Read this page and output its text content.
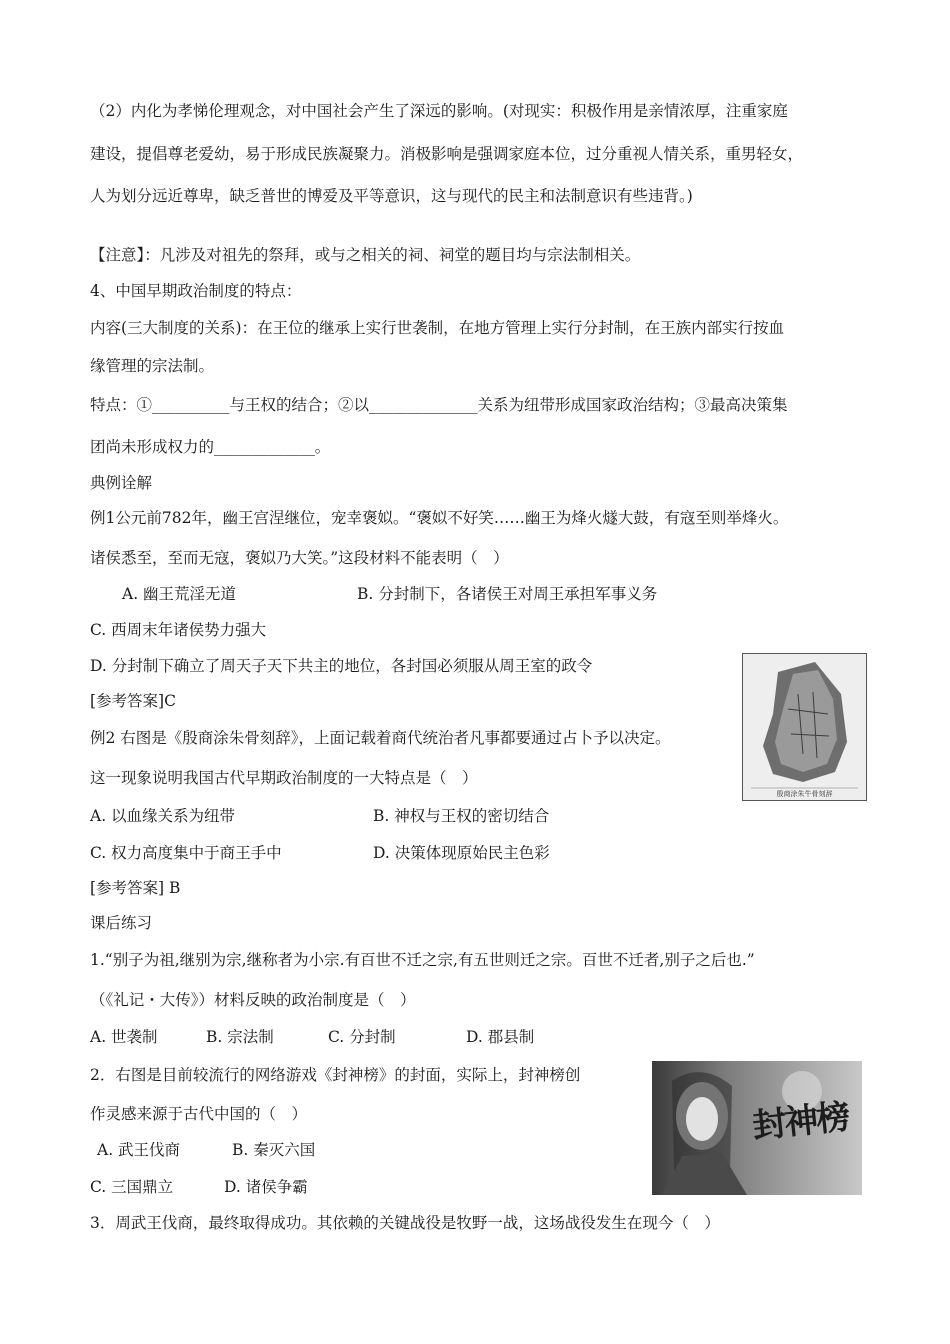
（2）内化为孝悌伦理观念，对中国社会产生了深远的影响。(对现实：积极作用是亲情浓厚，注重家庭
建设，提倡尊老爱幼，易于形成民族凝聚力。消极影响是强调家庭本位，过分重视人情关系，重男轻女，
人为划分远近尊卑，缺乏普世的博爱及平等意识，这与现代的民主和法制意识有些违背。)
【注意】：凡涉及对祖先的祭拜，或与之相关的祠、祠堂的题目均与宗法制相关。
4、中国早期政治制度的特点：
内容(三大制度的关系)：在王位的继承上实行世袭制，在地方管理上实行分封制，在王族内部实行按血
缘管理的宗法制。
特点：①__________与王权的结合；②以______________关系为纽带形成国家政治结构；③最高决策集
团尚未形成权力的_____________。
典例诠解
例1公元前782年，幽王宫涅继位，宠幸褒姒。“褒姒不好笑……幽王为烽火燧大鼓，有寇至则举烽火。
诸侯悉至，至而无寇，褒姒乃大笑。”这段材料不能表明（　）
A. 幽王荒淫无道	B. 分封制下，各诸侯王对周王承担军事义务
C. 西周末年诸侯势力强大
D. 分封制下确立了周天子天下共主的地位，各封国必须服从周王室的政令
[参考答案]C
例2 右图是《殷商涂朱骨刻辞》，上面记载着商代统治者凡事都要通过占卜予以决定。
这一现象说明我国古代早期政治制度的一大特点是（　）
A. 以血缘关系为纽带	B. 神权与王权的密切结合
C. 权力高度集中于商王手中	D. 决策体现原始民主色彩
[参考答案] B
课后练习
1.“别子为祖,继别为宗,继称者为小宗.有百世不迁之宗,有五世则迁之宗。百世不迁者,别子之后也.”
（《礼记・大传》）材料反映的政治制度是（　）
A. 世袭制	B. 宗法制	C. 分封制	D. 郡县制
2．右图是目前较流行的网络游戏《封神榜》的封面，实际上，封神榜创
作灵感来源于古代中国的（　）
A. 武王伐商	B. 秦灭六国
C. 三国鼎立	D. 诸侯争霸
3．周武王伐商，最终取得成功。其依赖的关键战役是牧野一战，这场战役发生在现今（　）
殷商涂朱牛骨刻辞
封神榜
